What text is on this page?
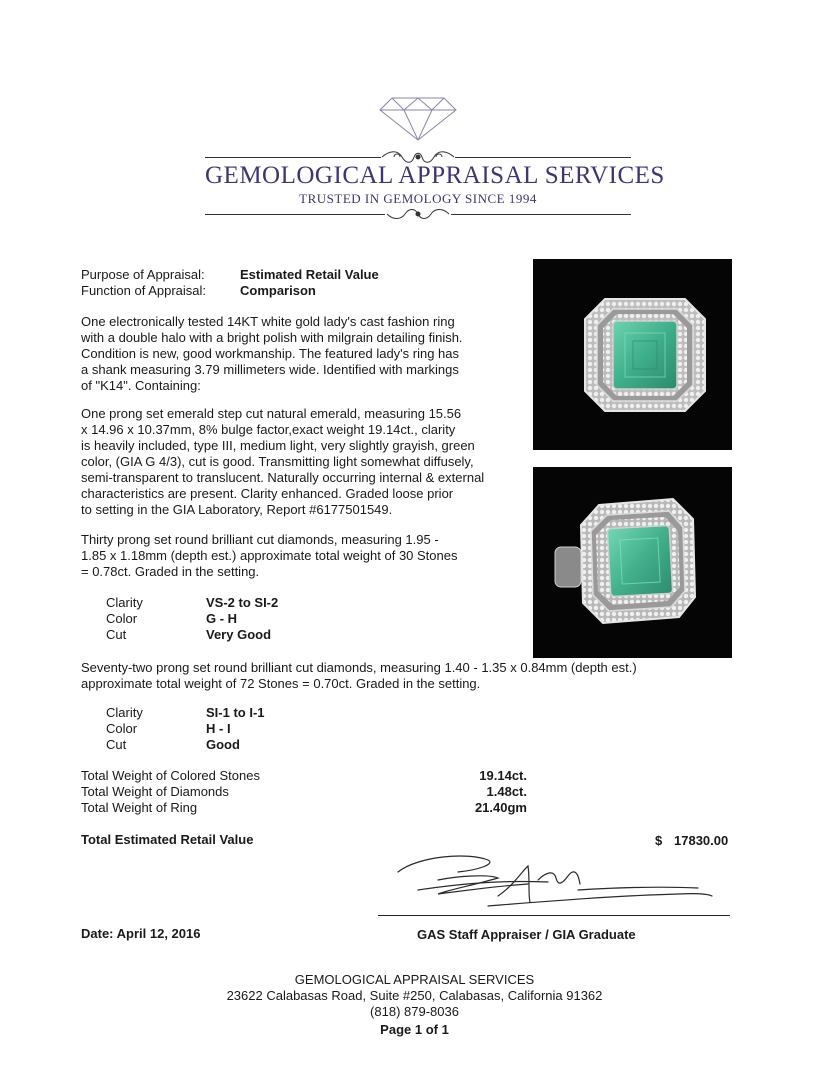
GEMOLOGICAL APPRAISAL SERVICES
TRUSTED IN GEMOLOGY SINCE 1994
Purpose of Appraisal:	Estimated Retail Value
Function of Appraisal:	Comparison
One electronically tested 14KT white gold lady's cast fashion ring
with a double halo with a bright polish with milgrain detailing finish.
Condition is new, good workmanship. The featured lady's ring has
a shank measuring 3.79 millimeters wide. Identified with markings
of "K14". Containing:
One prong set emerald step cut natural emerald, measuring 15.56
x 14.96 x 10.37mm, 8% bulge factor,exact weight 19.14ct., clarity
is heavily included, type III, medium light, very slightly grayish, green
color, (GIA G 4/3), cut is good. Transmitting light somewhat diffusely,
semi-transparent to translucent. Naturally occurring internal & external
characteristics are present. Clarity enhanced. Graded loose prior
to setting in the GIA Laboratory, Report #6177501549.
Thirty prong set round brilliant cut diamonds, measuring 1.95 -
1.85 x 1.18mm (depth est.) approximate total weight of 30 Stones
= 0.78ct. Graded in the setting.
Clarity	VS-2 to SI-2
Color	G - H
Cut	Very Good
Seventy-two prong set round brilliant cut diamonds, measuring 1.40 - 1.35 x 0.84mm (depth est.)
approximate total weight of 72 Stones = 0.70ct. Graded in the setting.
Clarity	SI-1 to I-1
Color	H - I
Cut	Good
Total Weight of Colored Stones	19.14ct.
Total Weight of Diamonds	1.48ct.
Total Weight of Ring	21.40gm
Total Estimated Retail Value	$ 17830.00
Date: April 12, 2016	GAS Staff Appraiser / GIA Graduate
GEMOLOGICAL APPRAISAL SERVICES
23622 Calabasas Road, Suite #250, Calabasas, California 91362
(818) 879-8036
Page 1 of 1
